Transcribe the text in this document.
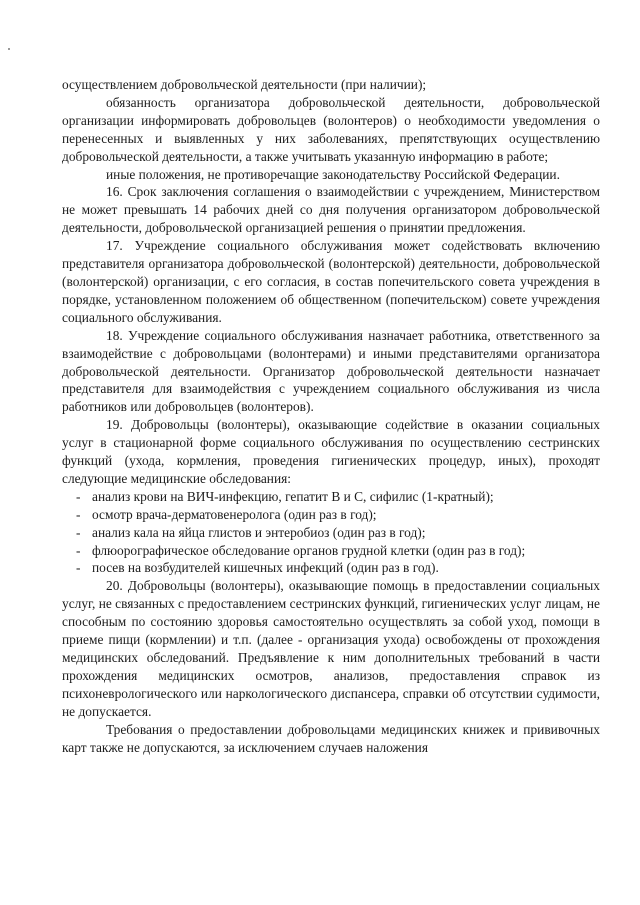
осуществлением добровольческой деятельности (при наличии);

обязанность организатора добровольческой деятельности, добровольческой организации информировать добровольцев (волонтеров) о необходимости уведомления о перенесенных и выявленных у них заболеваниях, препятствующих осуществлению добровольческой деятельности, а также учитывать указанную информацию в работе;

иные положения, не противоречащие законодательству Российской Федерации.

16. Срок заключения соглашения о взаимодействии с учреждением, Министерством не может превышать 14 рабочих дней со дня получения организатором добровольческой деятельности, добровольческой организацией решения о принятии предложения.

17. Учреждение социального обслуживания может содействовать включению представителя организатора добровольческой (волонтерской) деятельности, добровольческой (волонтерской) организации, с его согласия, в состав попечительского совета учреждения в порядке, установленном положением об общественном (попечительском) совете учреждения социального обслуживания.

18. Учреждение социального обслуживания назначает работника, ответственного за взаимодействие с добровольцами (волонтерами) и иными представителями организатора добровольческой деятельности. Организатор добровольческой деятельности назначает представителя для взаимодействия с учреждением социального обслуживания из числа работников или добровольцев (волонтеров).

19. Добровольцы (волонтеры), оказывающие содействие в оказании социальных услуг в стационарной форме социального обслуживания по осуществлению сестринских функций (ухода, кормления, проведения гигиенических процедур, иных), проходят следующие медицинские обследования:

- анализ крови на ВИЧ-инфекцию, гепатит В и С, сифилис (1-кратный);
- осмотр врача-дерматовенеролога (один раз в год);
- анализ кала на яйца глистов и энтеробиоз (один раз в год);
- флюорографическое обследование органов грудной клетки (один раз в год);
- посев на возбудителей кишечных инфекций (один раз в год).

20. Добровольцы (волонтеры), оказывающие помощь в предоставлении социальных услуг, не связанных с предоставлением сестринских функций, гигиенических услуг лицам, не способным по состоянию здоровья самостоятельно осуществлять за собой уход, помощи в приеме пищи (кормлении) и т.п. (далее - организация ухода) освобождены от прохождения медицинских обследований. Предъявление к ним дополнительных требований в части прохождения медицинских осмотров, анализов, предоставления справок из психоневрологического или наркологического диспансера, справки об отсутствии судимости, не допускается.

Требования о предоставлении добровольцами медицинских книжек и прививочных карт также не допускаются, за исключением случаев наложения
